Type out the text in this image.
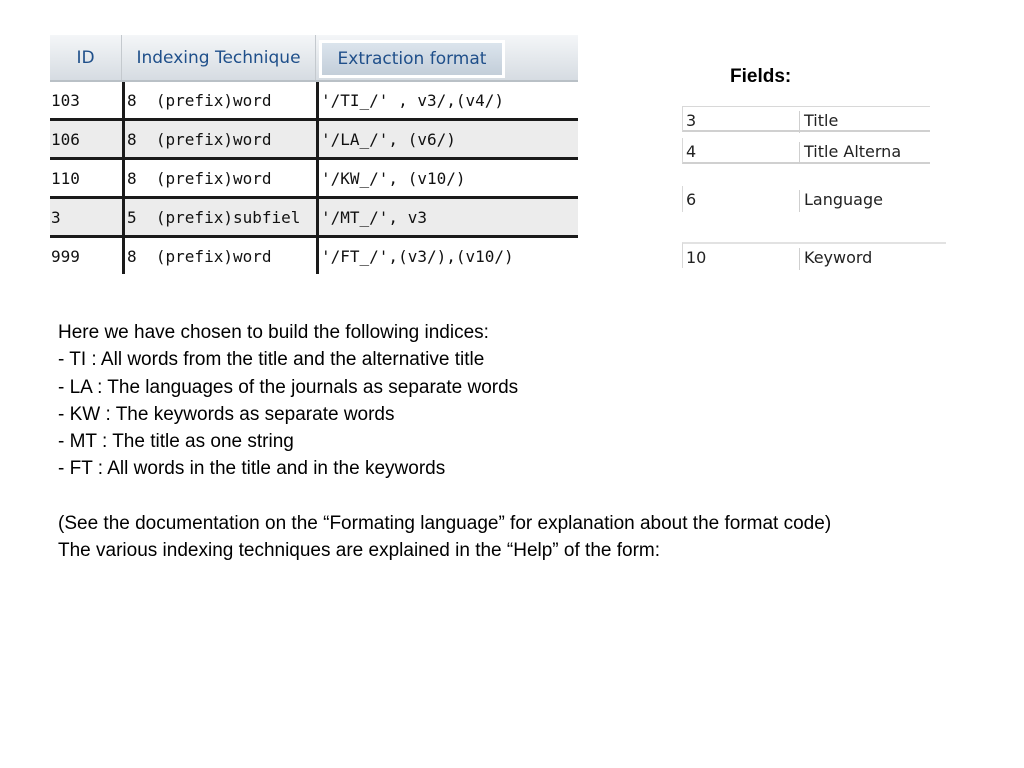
ID	Indexing Technique	Extraction format
103	8  (prefix)word	'/TI_/' , v3/,(v4/)
106	8  (prefix)word	'/LA_/', (v6/)
110	8  (prefix)word	'/KW_/', (v10/)
3	5  (prefix)subfiel	'/MT_/', v3
999	8  (prefix)word	'/FT_/',(v3/),(v10/)
Fields:
3	Title
4	Title Alterna
6	Language
10	Keyword
Here we have chosen to build the following indices:
- TI : All words from the title and the alternative title
- LA : The languages of the journals as separate words
- KW : The keywords as separate words
- MT : The title as one string
- FT : All words in the title and in the keywords
(See the documentation on the “Formating language” for explanation about the format code)
The various indexing techniques are explained in the “Help” of the form:
